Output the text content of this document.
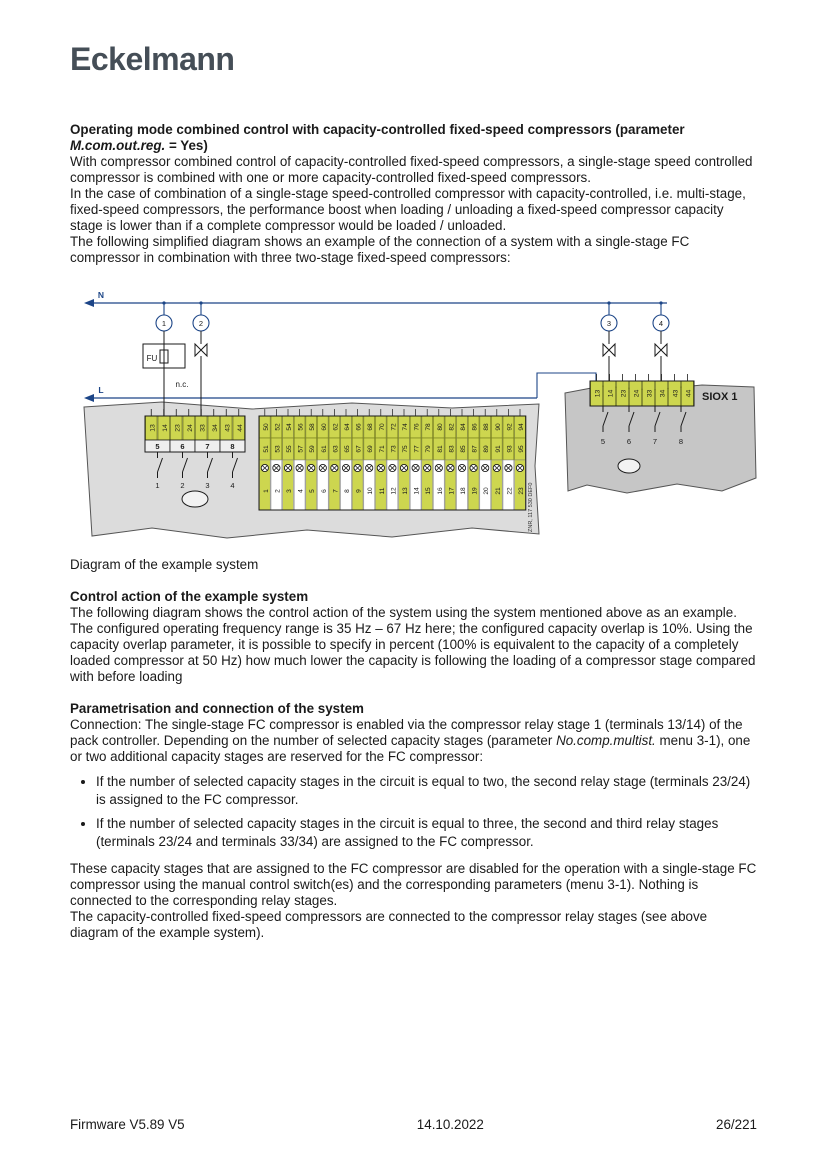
Eckelmann
Operating mode combined control with capacity-controlled fixed-speed compressors (parameter M.com.out.reg. = Yes)

With compressor combined control of capacity-controlled fixed-speed compressors, a single-stage speed controlled compressor is combined with one or more capacity-controlled fixed-speed compressors.

In the case of combination of a single-stage speed-controlled compressor with capacity-controlled, i.e. multi-stage, fixed-speed compressors, the performance boost when loading / unloading a fixed-speed compressor capacity stage is lower than if a complete compressor would be loaded / unloaded.

The following simplified diagram shows an example of the connection of a system with a single-stage FC compressor in combination with three two-stage fixed-speed compressors:

N
L
1	2	3	4
FU
n.c.
13 14 23 24 33 34 43 44
5	6	7	8
1	2	3	4
50
51
1
52
53
2
54
55
3
56
57
4
58
59
5
60
61
6
62
63
7
64
65
8
66
67
9
68
69
10
70
71
11
72
73
12
74
75
13
76
77
14
78
79
15
80
81
16
82
83
17
84
85
18
86
87
19
88
89
20
90
91
21
92
93
22
94
95
23 ZNR, 117 530 DEF0
13 14 23 24 33 34 43 44
5	6	7	8
SIOX 1

Diagram of the example system

Control action of the example system

The following diagram shows the control action of the system using the system mentioned above as an example. The configured operating frequency range is 35 Hz – 67 Hz here; the configured capacity overlap is 10%. Using the capacity overlap parameter, it is possible to specify in percent (100% is equivalent to the capacity of a completely loaded compressor at 50 Hz) how much lower the capacity is following the loading of a compressor stage compared with before loading

Parametrisation and connection of the system

Connection: The single-stage FC compressor is enabled via the compressor relay stage 1 (terminals 13/14) of the pack controller. Depending on the number of selected capacity stages (parameter No.comp.multist. menu 3-1), one or two additional capacity stages are reserved for the FC compressor:

• If the number of selected capacity stages in the circuit is equal to two, the second relay stage (terminals 23/24) is assigned to the FC compressor.
• If the number of selected capacity stages in the circuit is equal to three, the second and third relay stages (terminals 23/24 and terminals 33/34) are assigned to the FC compressor.

These capacity stages that are assigned to the FC compressor are disabled for the operation with a single-stage FC compressor using the manual control switch(es) and the corresponding parameters (menu 3-1). Nothing is connected to the corresponding relay stages.

The capacity-controlled fixed-speed compressors are connected to the compressor relay stages (see above diagram of the example system).

Firmware V5.89 V5	14.10.2022	26/221
